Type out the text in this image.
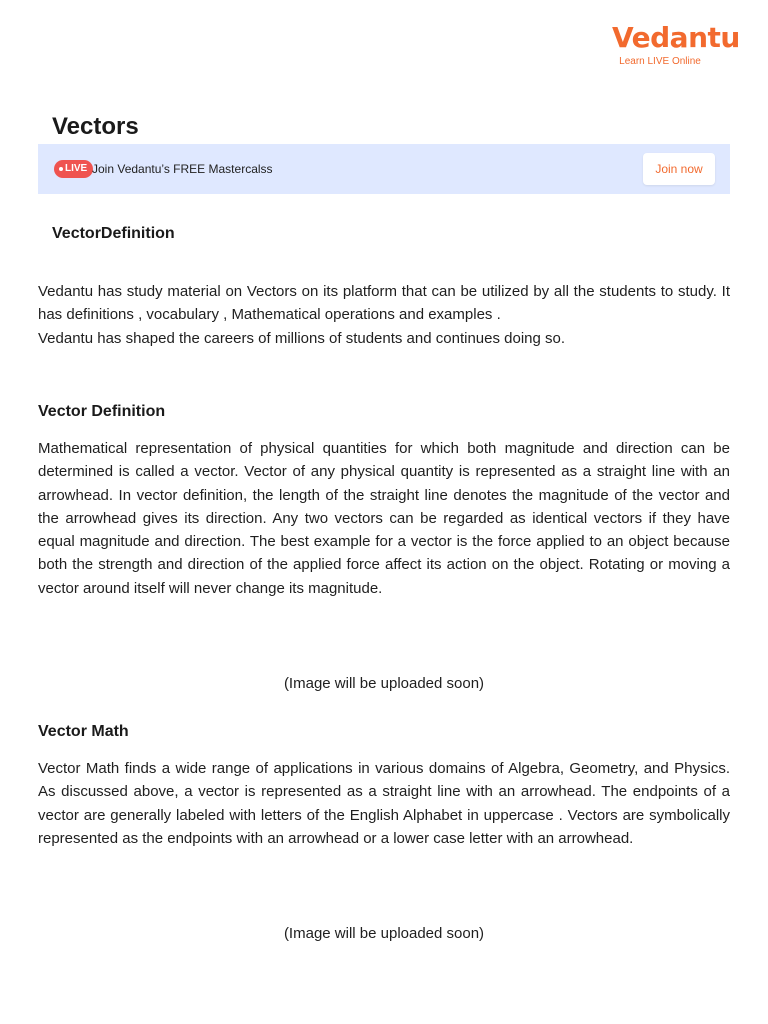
Vedantu
Learn LIVE Online
Vectors
LIVE Join Vedantu’s FREE Mastercalss	Join now
VectorDefinition

Vedantu has study material on Vectors on its platform that can be utilized by all the students to study. It has definitions , vocabulary , Mathematical operations and examples .
Vedantu has shaped the careers of millions of students and continues doing so.

Vector Definition

Mathematical representation of physical quantities for which both magnitude and direction can be determined is called a vector. Vector of any physical quantity is represented as a straight line with an arrowhead. In vector definition, the length of the straight line denotes the magnitude of the vector and the arrowhead gives its direction. Any two vectors can be regarded as identical vectors if they have equal magnitude and direction. The best example for a vector is the force applied to an object because both the strength and direction of the applied force affect its action on the object. Rotating or moving a vector around itself will never change its magnitude.

(Image will be uploaded soon)

Vector Math

Vector Math finds a wide range of applications in various domains of Algebra, Geometry, and Physics. As discussed above, a vector is represented as a straight line with an arrowhead. The endpoints of a vector are generally labeled with letters of the English Alphabet in uppercase . Vectors are symbolically represented as the endpoints with an arrowhead or a lower case letter with an arrowhead.

(Image will be uploaded soon)
